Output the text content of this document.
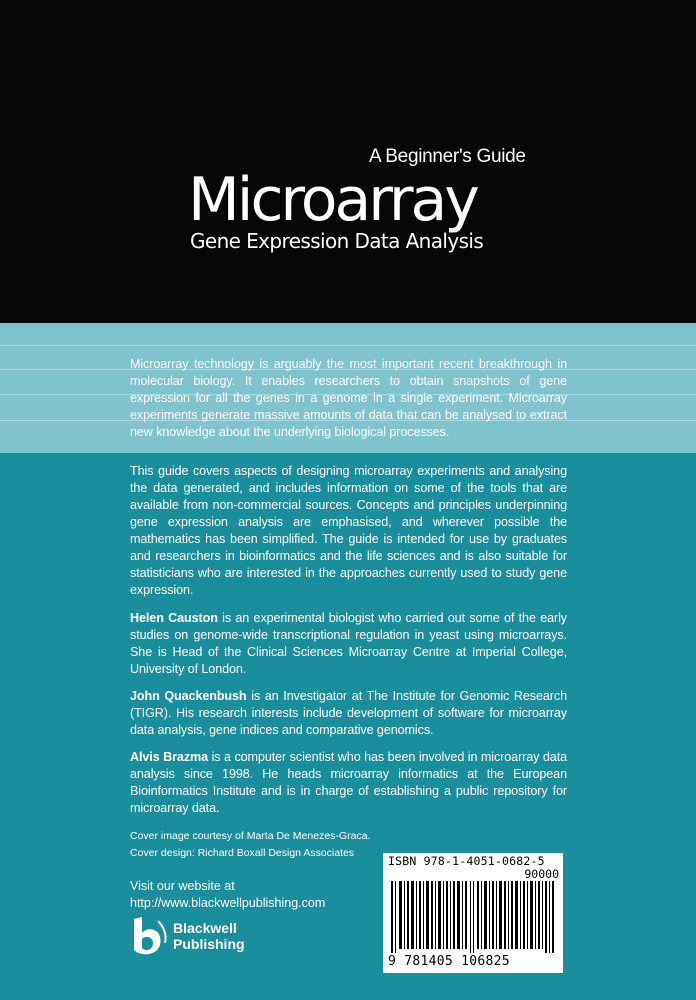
A Beginner's Guide
Microarray
Gene Expression Data Analysis

Microarray technology is arguably the most important recent breakthrough in molecular biology. It enables researchers to obtain snapshots of gene expression for all the genes in a genome in a single experiment. Microarray experiments generate massive amounts of data that can be analysed to extract new knowledge about the underlying biological processes.

This guide covers aspects of designing microarray experiments and analysing the data generated, and includes information on some of the tools that are available from non-commercial sources. Concepts and principles underpinning gene expression analysis are emphasised, and wherever possible the mathematics has been simplified. The guide is intended for use by graduates and researchers in bioinformatics and the life sciences and is also suitable for statisticians who are interested in the approaches currently used to study gene expression.

Helen Causton is an experimental biologist who carried out some of the early studies on genome-wide transcriptional regulation in yeast using microarrays. She is Head of the Clinical Sciences Microarray Centre at Imperial College, University of London.

John Quackenbush is an Investigator at The Institute for Genomic Research (TIGR). His research interests include development of software for microarray data analysis, gene indices and comparative genomics.

Alvis Brazma is a computer scientist who has been involved in microarray data analysis since 1998. He heads microarray informatics at the European Bioinformatics Institute and is in charge of establishing a public repository for microarray data.

Cover image courtesy of Marta De Menezes-Graca.
Cover design: Richard Boxall Design Associates
Visit our website at
http://www.blackwellpublishing.com
Blackwell
Publishing
ISBN 978-1-4051-0682-5
90000
9 781405 106825
